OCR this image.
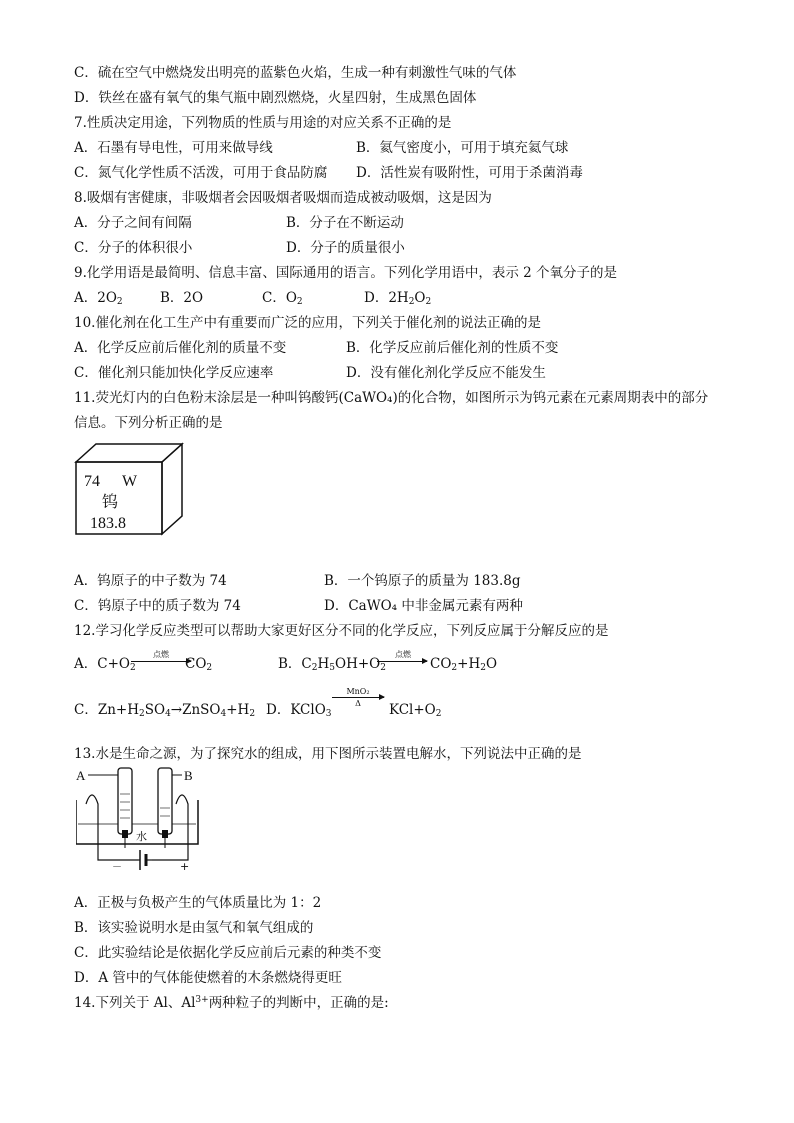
C．硫在空气中燃烧发出明亮的蓝紫色火焰，生成一种有刺激性气味的气体
D．铁丝在盛有氧气的集气瓶中剧烈燃烧，火星四射，生成黑色固体
7.性质决定用途，下列物质的性质与用途的对应关系不正确的是
A．石墨有导电性，可用来做导线	B．氦气密度小，可用于填充氦气球
C．氮气化学性质不活泼，可用于食品防腐 D．活性炭有吸附性，可用于杀菌消毒
8.吸烟有害健康，非吸烟者会因吸烟者吸烟而造成被动吸烟，这是因为
A．分子之间有间隔	B．分子在不断运动
C．分子的体积很小	D．分子的质量很小
9.化学用语是最简明、信息丰富、国际通用的语言。下列化学用语中，表示 2 个氧分子的是
A．$2O_2$	B．2O	C．$O_2$	D．$2H_2O_2$
10.催化剂在化工生产中有重要而广泛的应用，下列关于催化剂的说法正确的是
A．化学反应前后催化剂的质量不变	B．化学反应前后催化剂的性质不变
C．催化剂只能加快化学反应速率	D．没有催化剂化学反应不能发生
11.荧光灯内的白色粉末涂层是一种叫钨酸钙(CaWO₄)的化合物，如图所示为钨元素在元素周期表中的部分
信息。下列分析正确的是
74 W
钨
183.8
A．钨原子的中子数为 74	B．一个钨原子的质量为 183.8g
C．钨原子中的质子数为 74	D．CaWO₄ 中非金属元素有两种
12.学习化学反应类型可以帮助大家更好区分不同的化学反应，下列反应属于分解反应的是
点燃
A．$C+O_2$	$CO_2$
点燃
B．$C_2H_5OH+O_2$	$CO_2+H_2O$
C．$Zn+H_2SO_4\to ZnSO_4+H_2$ D．KClO$_3$
MnO₂
Δ	$KCl+O_2$
13.水是生命之源，为了探究水的组成，用下图所示装置电解水，下列说法中正确的是
A	B
水
－	+
A．正极与负极产生的气体质量比为 1：2
B．该实验说明水是由氢气和氧气组成的
C．此实验结论是依据化学反应前后元素的种类不变
D．A 管中的气体能使燃着的木条燃烧得更旺
14.下列关于 Al、$Al^{3+}$两种粒子的判断中，正确的是:
